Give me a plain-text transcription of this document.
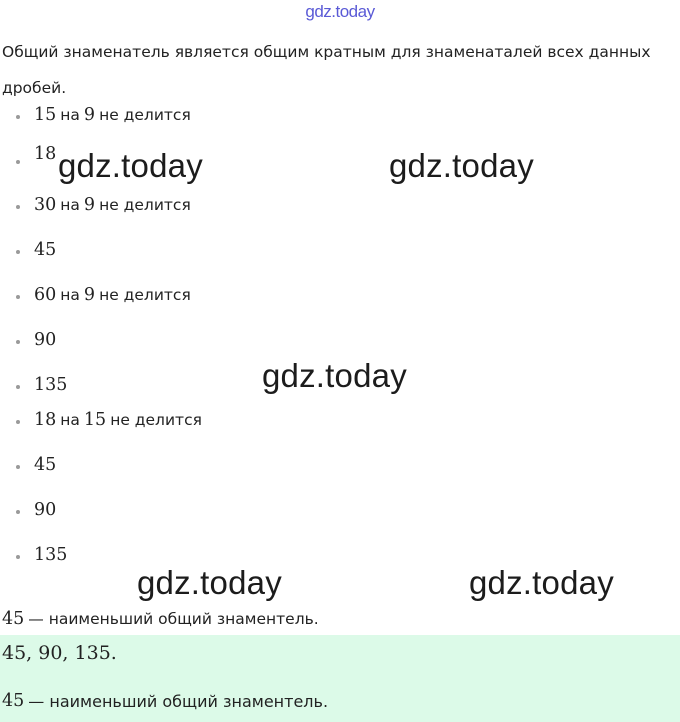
gdz.today

Общий знаменатель является общим кратным для знаменаталей всех данных

дробей.

15 на 9 не делится
18
30 на 9 не делится
45
60 на 9 не делится
90
135
18 на 15 не делится
45
90
135
gdz.today	gdz.today
gdz.today
gdz.today	gdz.today
45 — наименьший общий знаментель.
45, 90, 135.
45 — наименьший общий знаментель.
